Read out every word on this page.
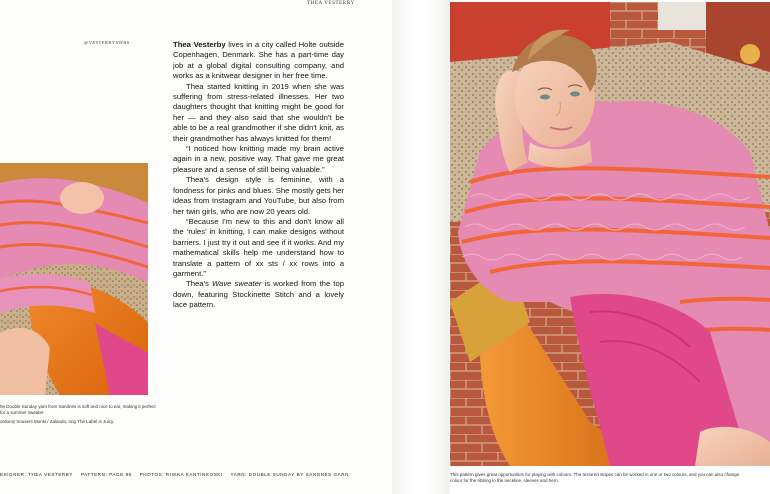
THEA VESTERBY
@VESTERBYSWBS	Thea Vesterby lives in a city called Holte outside Copenhagen, Denmark. She has a part-time day job at a global digital consulting company, and works as a knitwear designer in her free time.

Thea started knitting in 2019 when she was suffering from stress-related illnesses. Her two daughters thought that knitting might be good for her — and they also said that she wouldn't be able to be a real grandmother if she didn't knit, as their grandmother has always knitted for them!

“I noticed how knitting made my brain active again in a new, positive way. That gave me great pleasure and a sense of still being valuable.”

Thea's design style is feminine, with a fondness for pinks and blues. She mostly gets her ideas from Instagram and YouTube, but also from her twin girls, who are now 20 years old.

“Because I'm new to this and don't know all the ‘rules’ in knitting, I can make designs without barriers. I just try it out and see if it works. And my mathematical skills help me understand how to translate a pattern of xx sts / xx rows into a garment.”

Thea's Wave sweater is worked from the top down, featuring Stockinette Stitch and a lovely lace pattern.

he Double Sunday yarn from Sandnes is soft and nice to ear, making it perfect for a summer sweater.

orduroy trousers Monki / Zalando, ring The Label is Juicy.

ESIGNER: THEA VESTERBY PATTERN: PAGE 96 PHOTOS: RIIKKA KANTINKOSKI YARN: DOUBLE SUNDAY BY SANDNES GARN	This pattern gives great opportunities for playing with colours. The textured stripes can be worked in one or two colours, and you can also change colour for the ribbing in the neckline, sleeves and hem.
